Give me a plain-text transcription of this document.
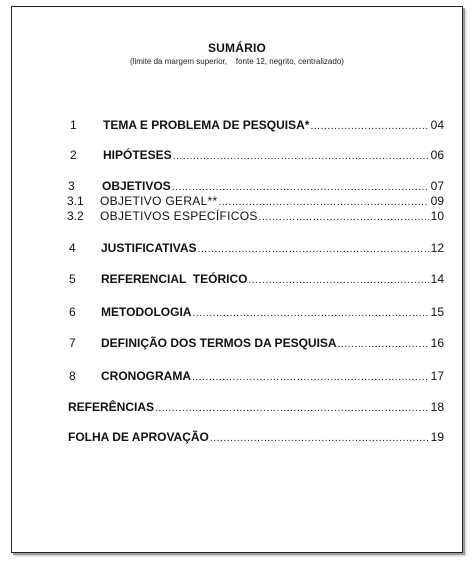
SUMÁRIO
(limite da margem superior,    fonte 12, negrito, centralizado)
1 TEMA E PROBLEMA DE PESQUISA* .....	04
2 HIPÓTESES .....	06
3 OBJETIVOS .....	07
3.1 OBJETIVO GERAL** .....	09
3.2 OBJETIVOS ESPECÍFICOS .....	10
4 JUSTIFICATIVAS .....	12
5 REFERENCIAL  TEÓRICO .....	14
6 METODOLOGIA .....	15
7 DEFINIÇÃO DOS TERMOS DA PESQUISA .....	16
8 CRONOGRAMA .....	17
REFERÊNCIAS .....	18
FOLHA DE APROVAÇÃO .....	19
